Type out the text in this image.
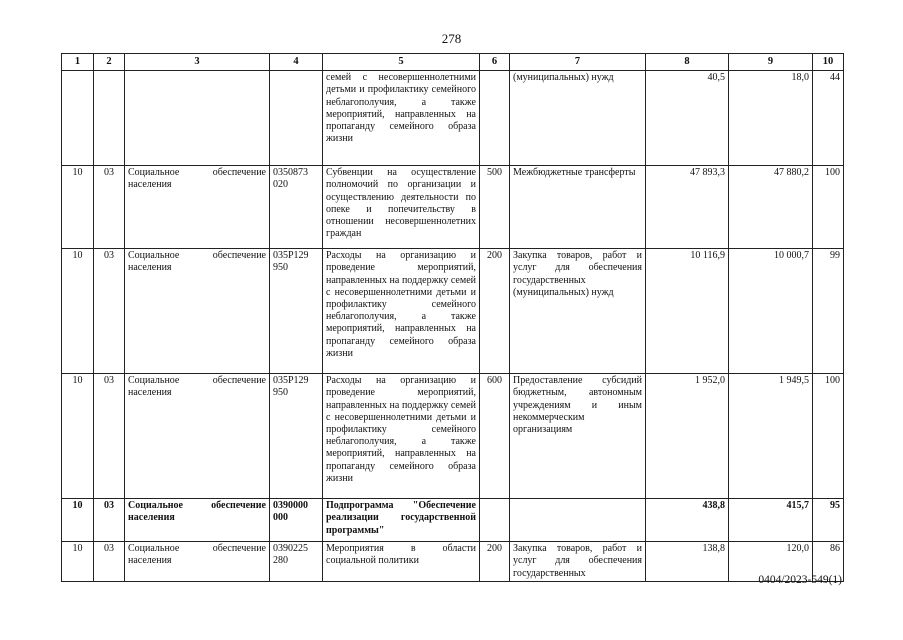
278
1	2	3	4	5	6	7	8	9	10
				семей с несовершеннолетними детьми и профилактику семейного неблагополучия, а также мероприятий, направленных на пропаганду семейного образа жизни		(муниципальных) нужд	40,5	18,0	44
10	03	Социальное обеспечение населения	0350873 020	Субвенции на осуществление полномочий по организации и осуществлению деятельности по опеке и попечительству в отношении несовершеннолетних граждан	500	Межбюджетные трансферты	47 893,3	47 880,2	100
10	03	Социальное обеспечение населения	035Р129 950	Расходы на организацию и проведение мероприятий, направленных на поддержку семей с несовершеннолетними детьми и профилактику семейного неблагополучия, а также мероприятий, направленных на пропаганду семейного образа жизни	200	Закупка товаров, работ и услуг для обеспечения государственных (муниципальных) нужд	10 116,9	10 000,7	99
10	03	Социальное обеспечение населения	035Р129 950	Расходы на организацию и проведение мероприятий, направленных на поддержку семей с несовершеннолетними детьми и профилактику семейного неблагополучия, а также мероприятий, направленных на пропаганду семейного образа жизни	600	Предоставление субсидий бюджетным, автономным учреждениям и иным некоммерческим организациям	1 952,0	1 949,5	100
10	03	Социальное обеспечение населения	0390000 000	Подпрограмма "Обеспечение реализации государственной программы"			438,8	415,7	95
10	03	Социальное обеспечение населения	0390225 280	Мероприятия в области социальной политики	200	Закупка товаров, работ и услуг для обеспечения государственных	138,8	120,0	86
0404/2023-549(1)
